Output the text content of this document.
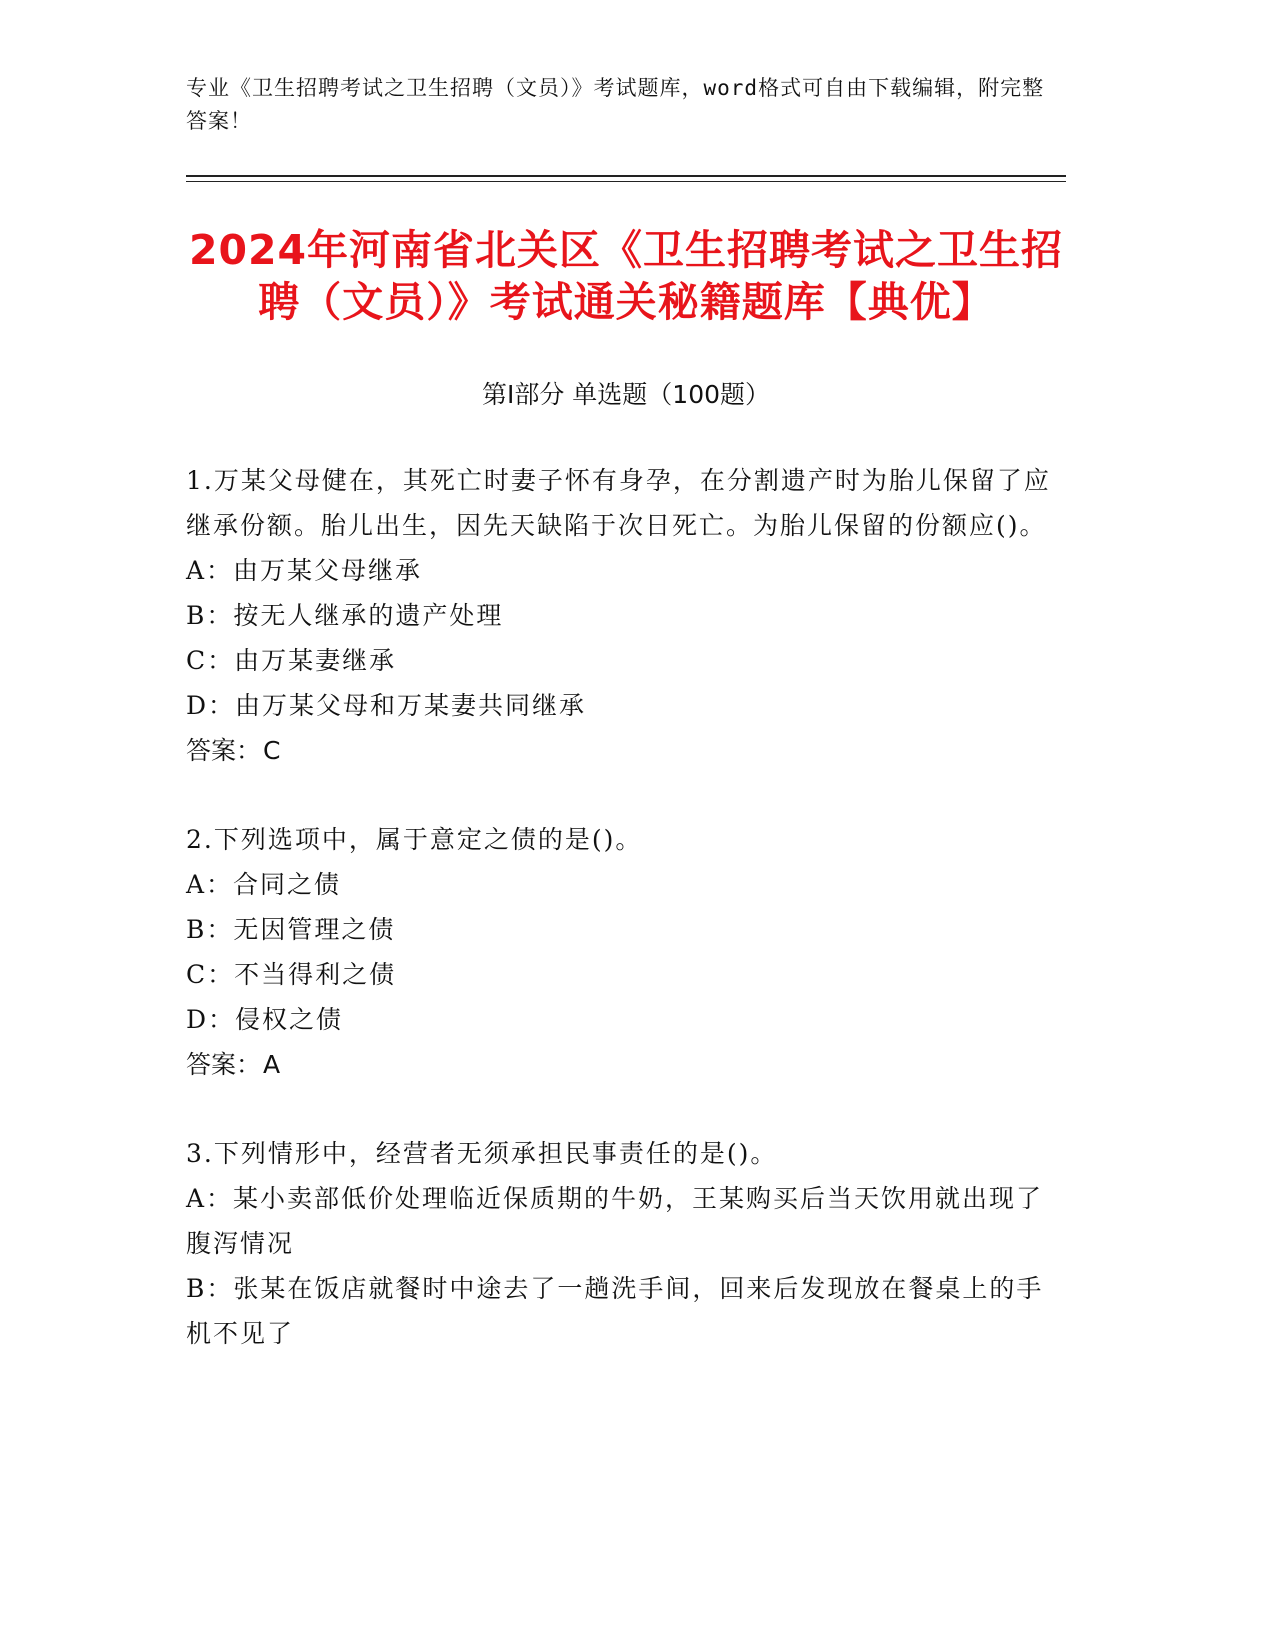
专业《卫生招聘考试之卫生招聘（文员）》考试题库，word格式可自由下载编辑，附完整答案！
2024年河南省北关区《卫生招聘考试之卫生招聘（文员）》考试通关秘籍题库【典优】
第I部分 单选题（100题）
1.万某父母健在，其死亡时妻子怀有身孕，在分割遗产时为胎儿保留了应继承份额。胎儿出生，因先天缺陷于次日死亡。为胎儿保留的份额应()。
A：由万某父母继承
B：按无人继承的遗产处理
C：由万某妻继承
D：由万某父母和万某妻共同继承
答案：C
2.下列选项中，属于意定之债的是()。
A：合同之债
B：无因管理之债
C：不当得利之债
D：侵权之债
答案：A
3.下列情形中，经营者无须承担民事责任的是()。
A：某小卖部低价处理临近保质期的牛奶，王某购买后当天饮用就出现了腹泻情况
B：张某在饭店就餐时中途去了一趟洗手间，回来后发现放在餐桌上的手机不见了
